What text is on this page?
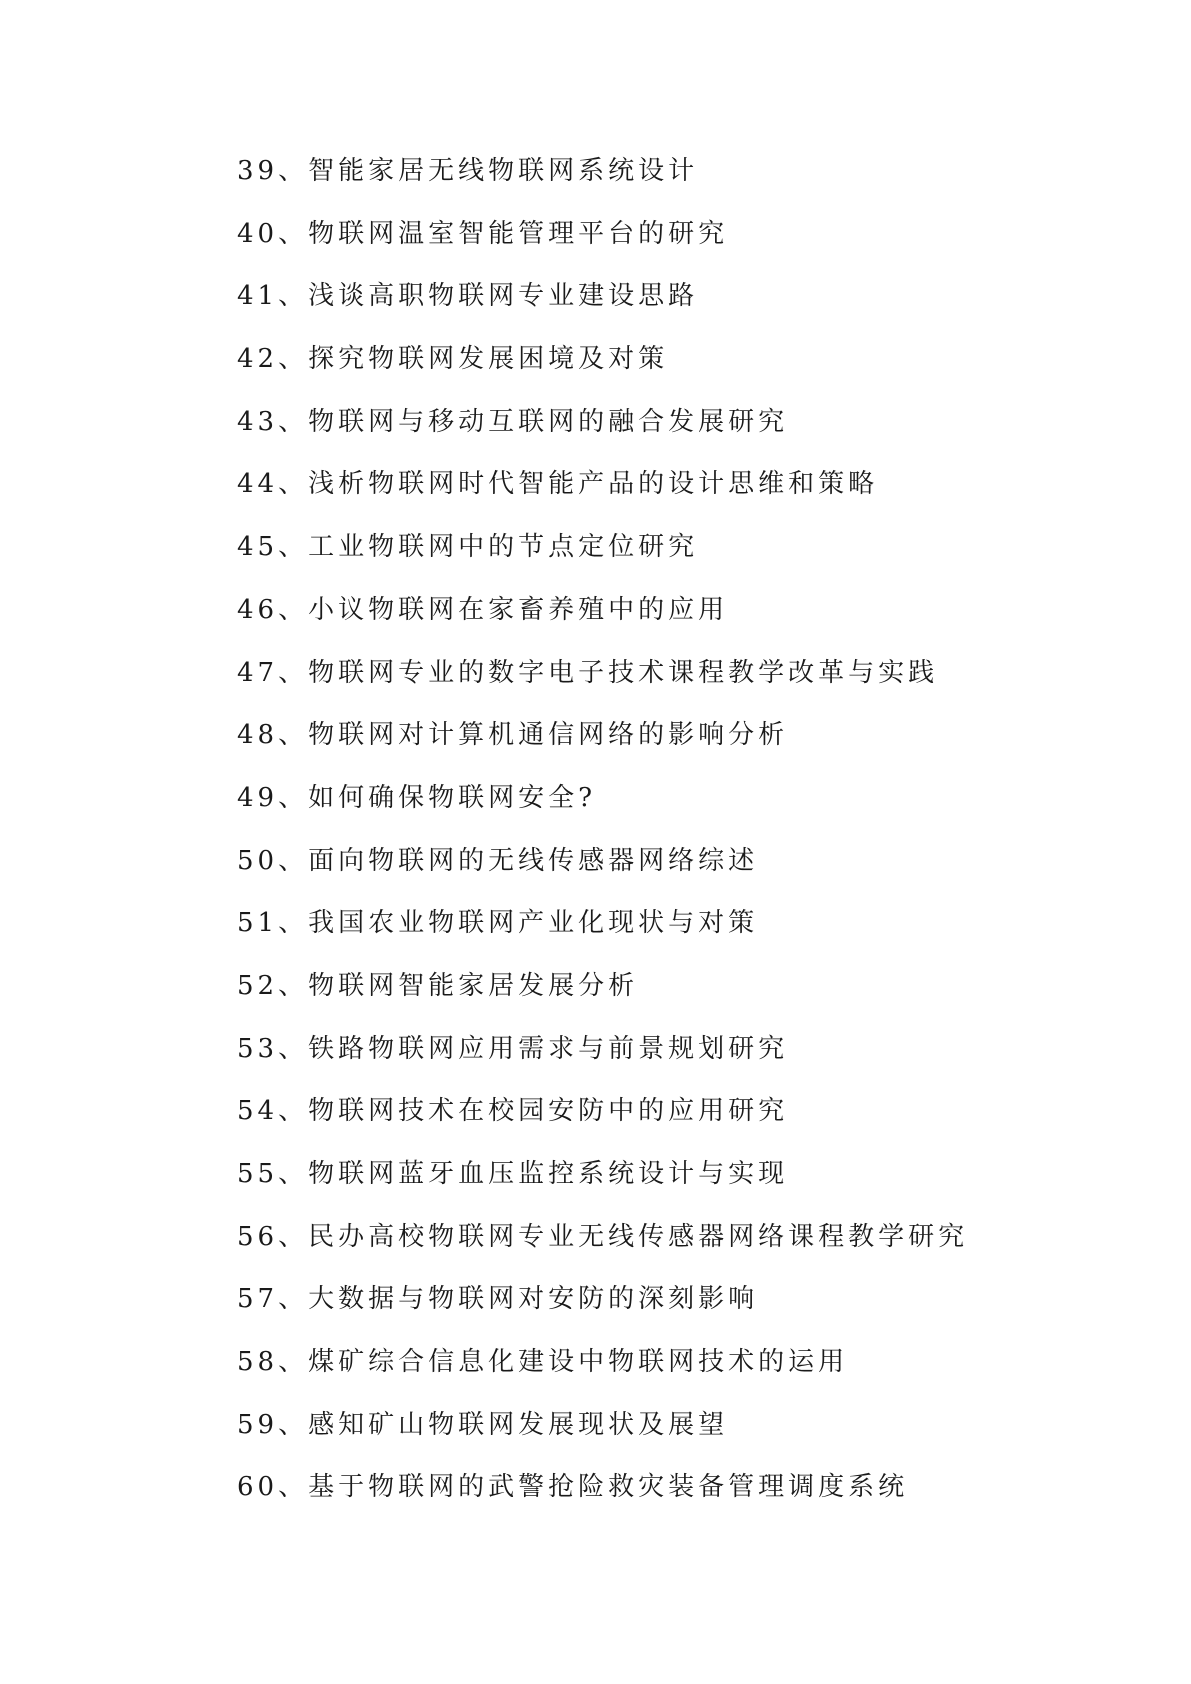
39、智能家居无线物联网系统设计
40、物联网温室智能管理平台的研究
41、浅谈高职物联网专业建设思路
42、探究物联网发展困境及对策
43、物联网与移动互联网的融合发展研究
44、浅析物联网时代智能产品的设计思维和策略
45、工业物联网中的节点定位研究
46、小议物联网在家畜养殖中的应用
47、物联网专业的数字电子技术课程教学改革与实践
48、物联网对计算机通信网络的影响分析
49、如何确保物联网安全?
50、面向物联网的无线传感器网络综述
51、我国农业物联网产业化现状与对策
52、物联网智能家居发展分析
53、铁路物联网应用需求与前景规划研究
54、物联网技术在校园安防中的应用研究
55、物联网蓝牙血压监控系统设计与实现
56、民办高校物联网专业无线传感器网络课程教学研究
57、大数据与物联网对安防的深刻影响
58、煤矿综合信息化建设中物联网技术的运用
59、感知矿山物联网发展现状及展望
60、基于物联网的武警抢险救灾装备管理调度系统
